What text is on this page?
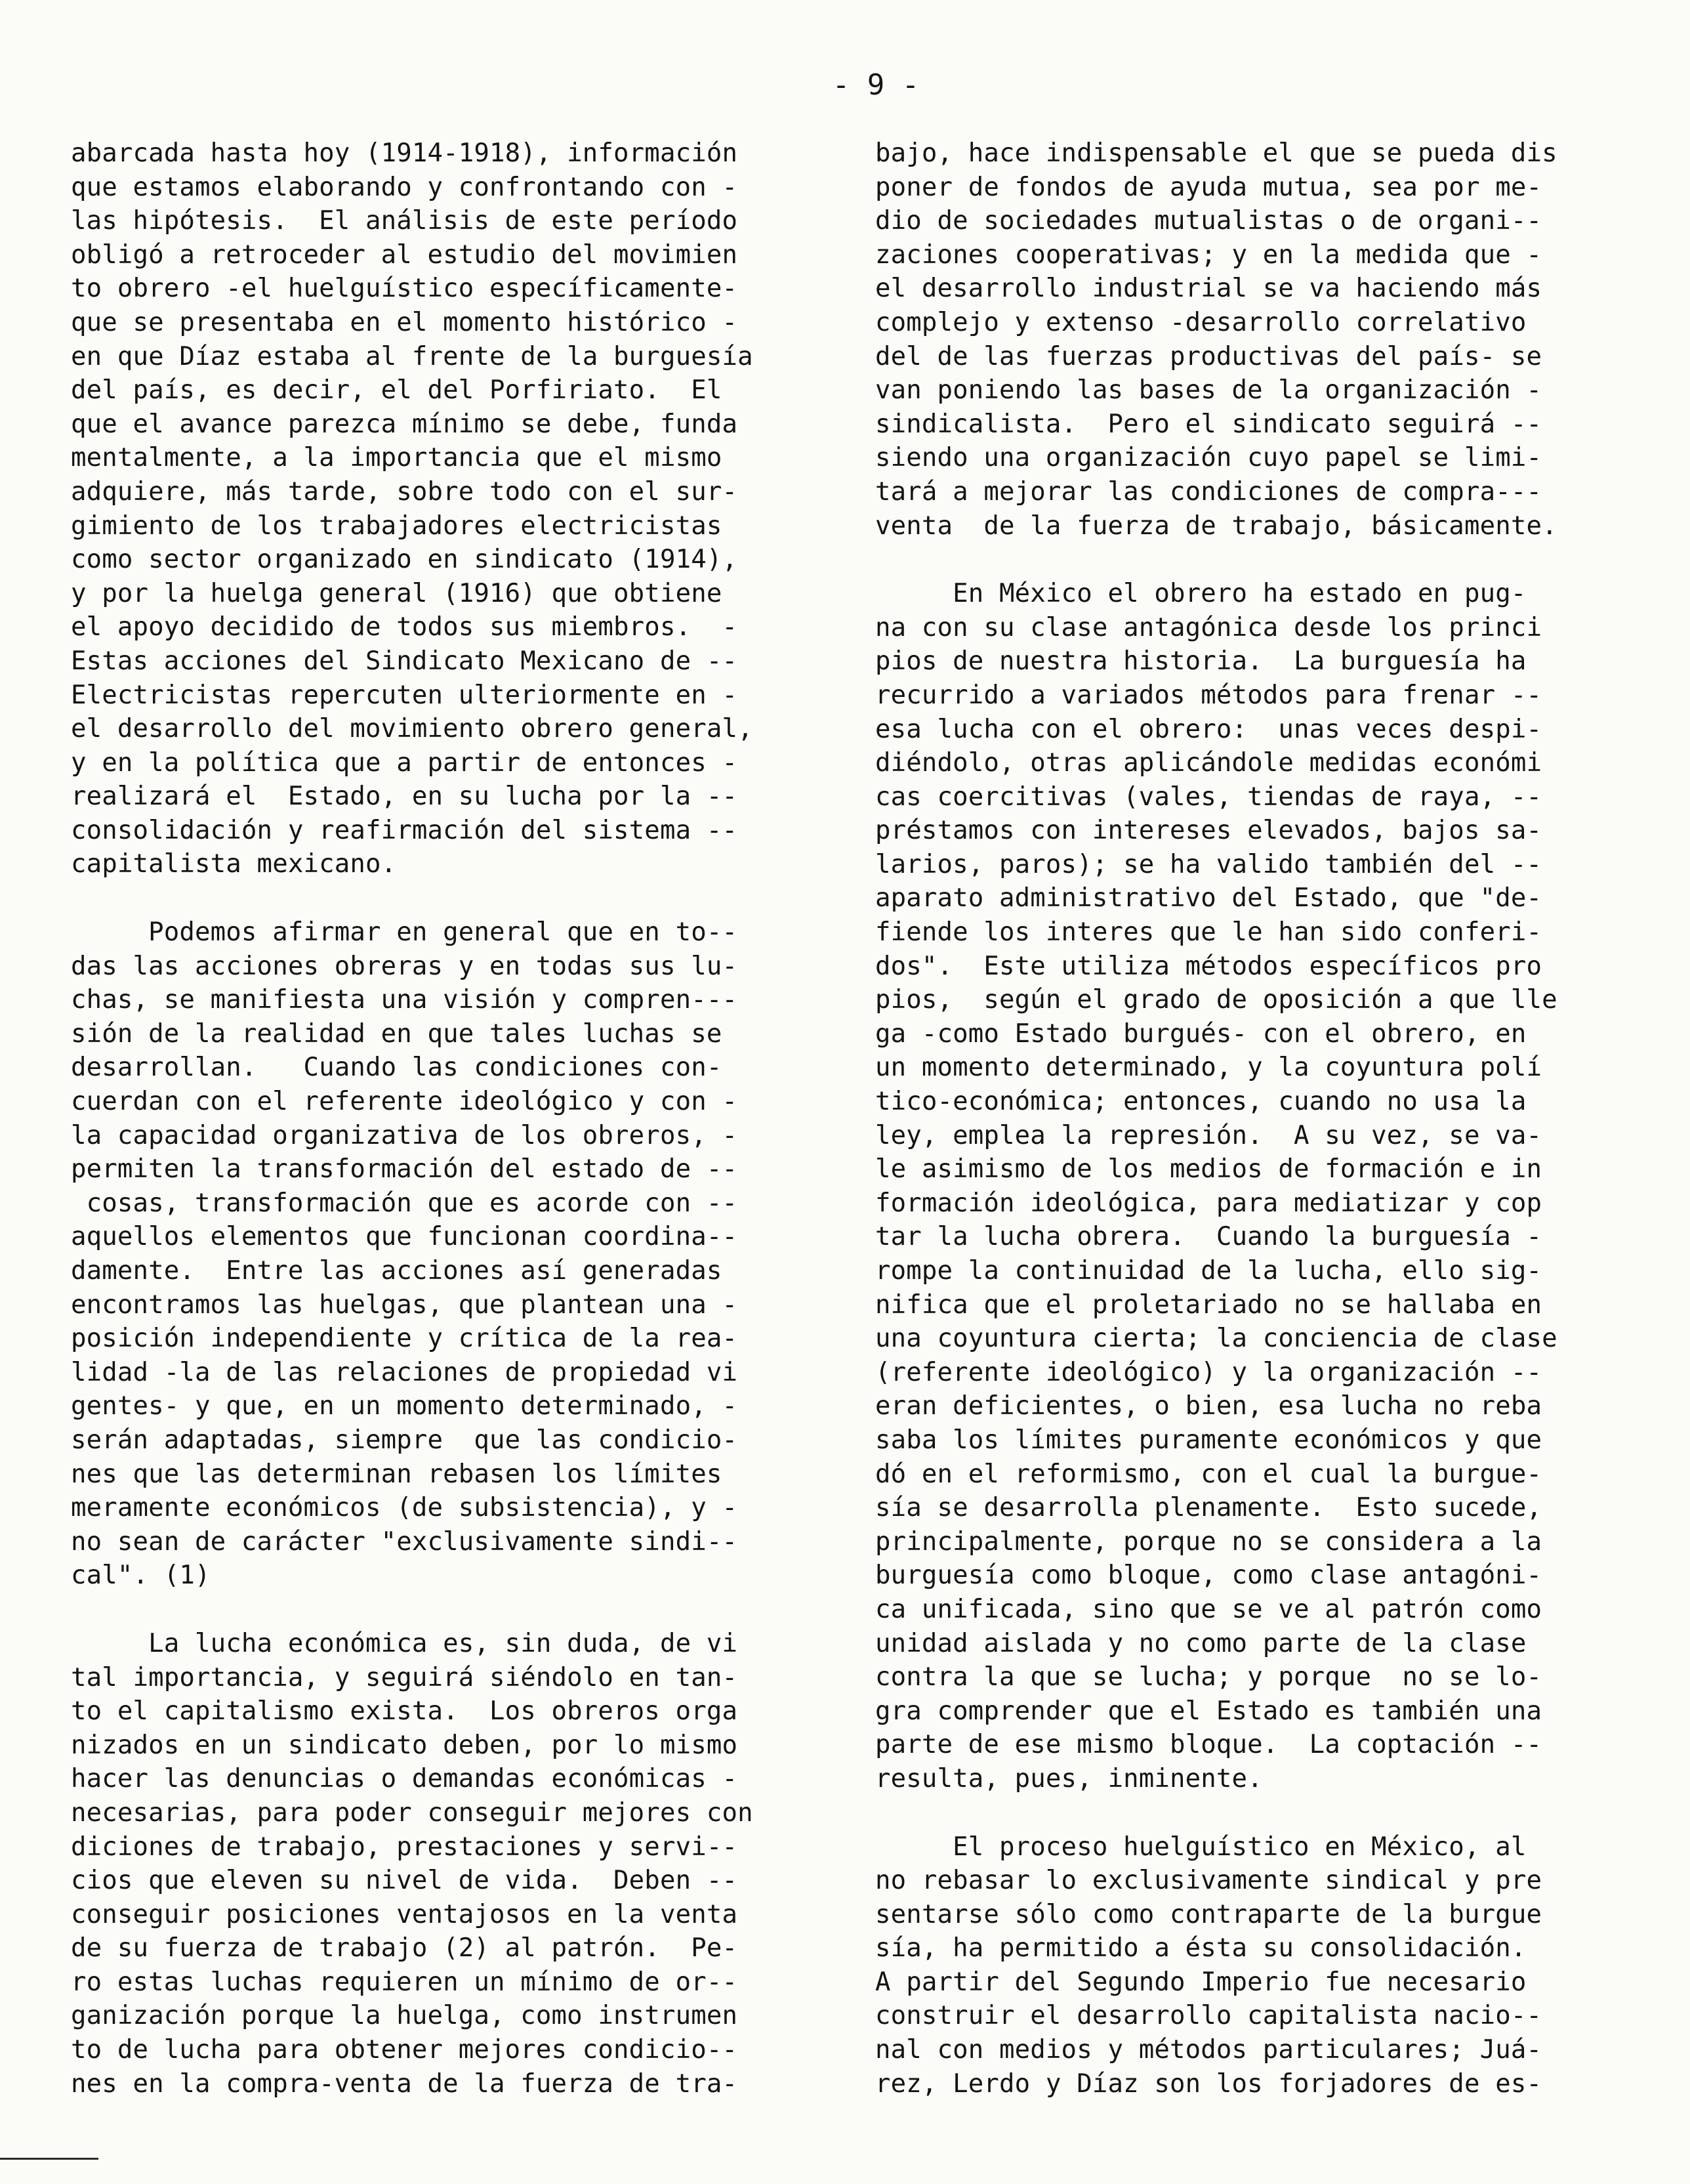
- 9 -
abarcada hasta hoy (1914-1918), información
que estamos elaborando y confrontando con -
las hipótesis.  El análisis de este período
obligó a retroceder al estudio del movimien
to obrero -el huelguístico específicamente-
que se presentaba en el momento histórico -
en que Díaz estaba al frente de la burguesía
del país, es decir, el del Porfiriato.  El
que el avance parezca mínimo se debe, funda
mentalmente, a la importancia que el mismo
adquiere, más tarde, sobre todo con el sur-
gimiento de los trabajadores electricistas
como sector organizado en sindicato (1914),
y por la huelga general (1916) que obtiene
el apoyo decidido de todos sus miembros.  -
Estas acciones del Sindicato Mexicano de --
Electricistas repercuten ulteriormente en -
el desarrollo del movimiento obrero general,
y en la política que a partir de entonces -
realizará el  Estado, en su lucha por la --
consolidación y reafirmación del sistema --
capitalista mexicano.
Podemos afirmar en general que en to--
das las acciones obreras y en todas sus lu-
chas, se manifiesta una visión y compren---
sión de la realidad en que tales luchas se
desarrollan.   Cuando las condiciones con-
cuerdan con el referente ideológico y con -
la capacidad organizativa de los obreros, -
permiten la transformación del estado de --
cosas, transformación que es acorde con --
aquellos elementos que funcionan coordina--
damente.  Entre las acciones así generadas
encontramos las huelgas, que plantean una -
posición independiente y crítica de la rea-
lidad -la de las relaciones de propiedad vi
gentes- y que, en un momento determinado, -
serán adaptadas, siempre  que las condicio-
nes que las determinan rebasen los límites
meramente económicos (de subsistencia), y -
no sean de carácter "exclusivamente sindi--
cal". (1)
La lucha económica es, sin duda, de vi
tal importancia, y seguirá siéndolo en tan-
to el capitalismo exista.  Los obreros orga
nizados en un sindicato deben, por lo mismo
hacer las denuncias o demandas económicas -
necesarias, para poder conseguir mejores con
diciones de trabajo, prestaciones y servi--
cios que eleven su nivel de vida.  Deben --
conseguir posiciones ventajosos en la venta
de su fuerza de trabajo (2) al patrón.  Pe-
ro estas luchas requieren un mínimo de or--
ganización porque la huelga, como instrumen
to de lucha para obtener mejores condicio--
nes en la compra-venta de la fuerza de tra-
bajo, hace indispensable el que se pueda dis
poner de fondos de ayuda mutua, sea por me-
dio de sociedades mutualistas o de organi--
zaciones cooperativas; y en la medida que -
el desarrollo industrial se va haciendo más
complejo y extenso -desarrollo correlativo
del de las fuerzas productivas del país- se
van poniendo las bases de la organización -
sindicalista.  Pero el sindicato seguirá --
siendo una organización cuyo papel se limi-
tará a mejorar las condiciones de compra---
venta  de la fuerza de trabajo, básicamente.
En México el obrero ha estado en pug-
na con su clase antagónica desde los princi
pios de nuestra historia.  La burguesía ha
recurrido a variados métodos para frenar --
esa lucha con el obrero:  unas veces despi-
diéndolo, otras aplicándole medidas económi
cas coercitivas (vales, tiendas de raya, --
préstamos con intereses elevados, bajos sa-
larios, paros); se ha valido también del --
aparato administrativo del Estado, que "de-
fiende los interes que le han sido conferi-
dos".  Este utiliza métodos específicos pro
pios,  según el grado de oposición a que lle
ga -como Estado burgués- con el obrero, en
un momento determinado, y la coyuntura polí
tico-económica; entonces, cuando no usa la
ley, emplea la represión.  A su vez, se va-
le asimismo de los medios de formación e in
formación ideológica, para mediatizar y cop
tar la lucha obrera.  Cuando la burguesía -
rompe la continuidad de la lucha, ello sig-
nifica que el proletariado no se hallaba en
una coyuntura cierta; la conciencia de clase
(referente ideológico) y la organización --
eran deficientes, o bien, esa lucha no reba
saba los límites puramente económicos y que
dó en el reformismo, con el cual la burgue-
sía se desarrolla plenamente.  Esto sucede,
principalmente, porque no se considera a la
burguesía como bloque, como clase antagóni-
ca unificada, sino que se ve al patrón como
unidad aislada y no como parte de la clase
contra la que se lucha; y porque  no se lo-
gra comprender que el Estado es también una
parte de ese mismo bloque.  La coptación --
resulta, pues, inminente.
El proceso huelguístico en México, al
no rebasar lo exclusivamente sindical y pre
sentarse sólo como contraparte de la burgue
sía, ha permitido a ésta su consolidación.
A partir del Segundo Imperio fue necesario
construir el desarrollo capitalista nacio--
nal con medios y métodos particulares; Juá-
rez, Lerdo y Díaz son los forjadores de es-
